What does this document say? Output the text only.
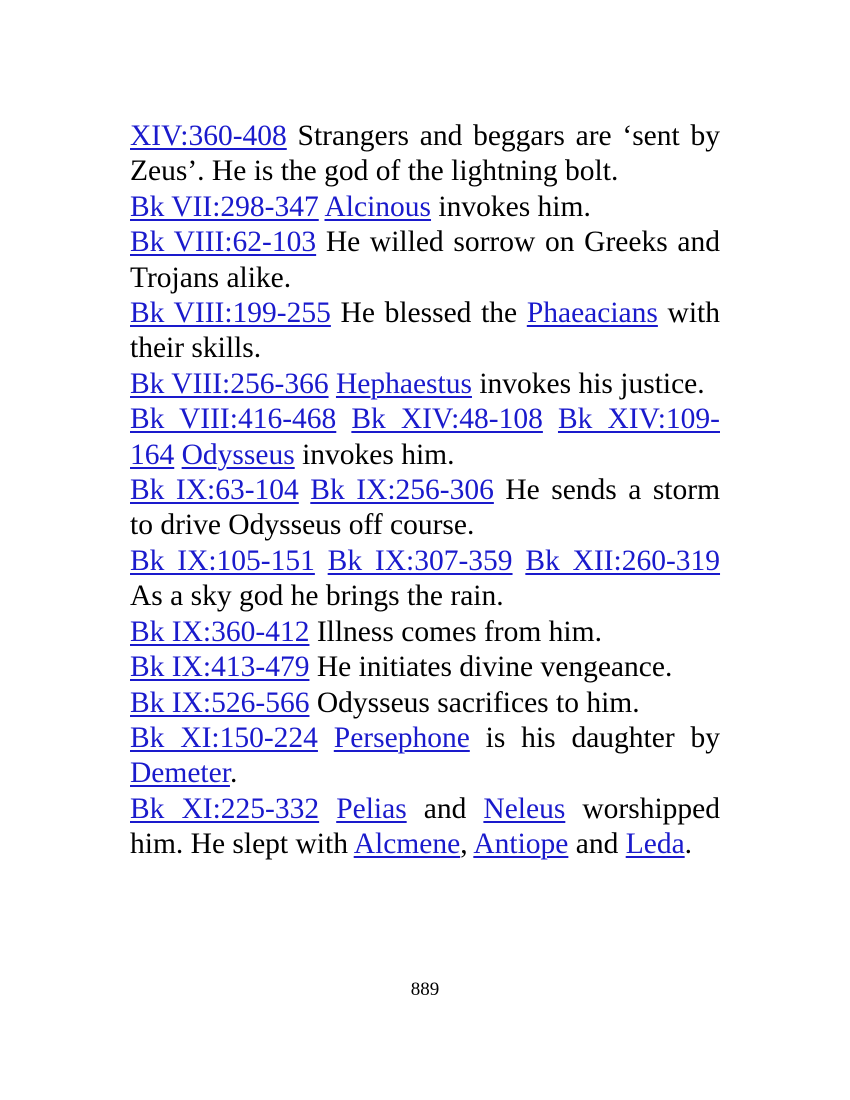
XIV:360-408 Strangers and beggars are ‘sent by Zeus’. He is the god of the lightning bolt.

Bk VII:298-347 Alcinous invokes him.

Bk VIII:62-103 He willed sorrow on Greeks and Trojans alike.

Bk VIII:199-255 He blessed the Phaeacians with their skills.

Bk VIII:256-366 Hephaestus invokes his justice.

Bk VIII:416-468 Bk XIV:48-108 Bk XIV:109-164 Odysseus invokes him.

Bk IX:63-104 Bk IX:256-306 He sends a storm to drive Odysseus off course.

Bk IX:105-151 Bk IX:307-359 Bk XII:260-319 As a sky god he brings the rain.

Bk IX:360-412 Illness comes from him.

Bk IX:413-479 He initiates divine vengeance.

Bk IX:526-566 Odysseus sacrifices to him.

Bk XI:150-224 Persephone is his daughter by Demeter.

Bk XI:225-332 Pelias and Neleus worshipped him. He slept with Alcmene, Antiope and Leda.

889
